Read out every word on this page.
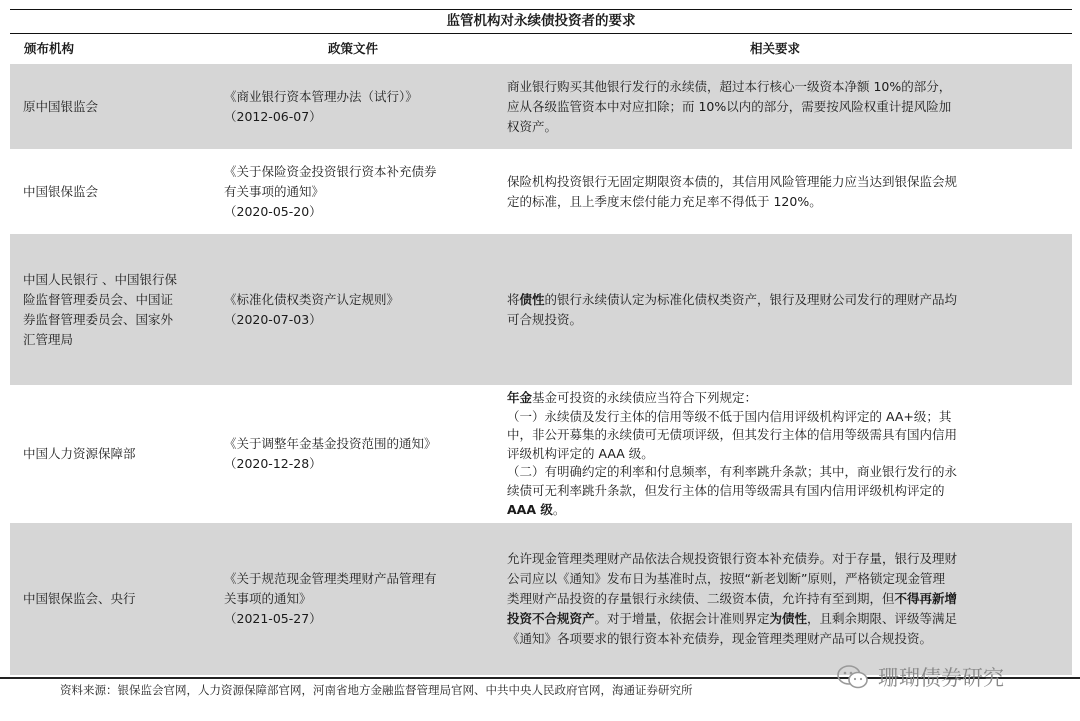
监管机构对永续债投资者的要求
颁布机构	政策文件	相关要求
原中国银监会
《商业银行资本管理办法（试行）》
（2012-06-07）
商业银行购买其他银行发行的永续债，超过本行核心一级资本净额 10%的部分，
应从各级监管资本中对应扣除；而 10%以内的部分，需要按风险权重计提风险加
权资产。
中国银保监会
《关于保险资金投资银行资本补充债券
有关事项的通知》
（2020-05-20）
保险机构投资银行无固定期限资本债的，其信用风险管理能力应当达到银保监会规
定的标准，且上季度末偿付能力充足率不得低于 120%。
中国人民银行 、中国银行保
险监督管理委员会、中国证
券监督管理委员会、国家外
汇管理局
《标准化债权类资产认定规则》
（2020-07-03）
将债性的银行永续债认定为标准化债权类资产，银行及理财公司发行的理财产品均
可合规投资。
中国人力资源保障部
《关于调整年金基金投资范围的通知》
（2020-12-28）
年金基金可投资的永续债应当符合下列规定：
（一）永续债及发行主体的信用等级不低于国内信用评级机构评定的 AA+级；其
中，非公开募集的永续债可无债项评级，但其发行主体的信用等级需具有国内信用
评级机构评定的 AAA 级。
（二）有明确约定的利率和付息频率，有利率跳升条款；其中，商业银行发行的永
续债可无利率跳升条款，但发行主体的信用等级需具有国内信用评级机构评定的
AAA 级。
中国银保监会、央行
《关于规范现金管理类理财产品管理有
关事项的通知》
（2021-05-27）
允许现金管理类理财产品依法合规投资银行资本补充债券。对于存量，银行及理财
公司应以《通知》发布日为基准时点，按照“新老划断”原则，严格锁定现金管理
类理财产品投资的存量银行永续债、二级资本债，允许持有至到期，但不得再新增
投资不合规资产。对于增量，依据会计准则界定为债性，且剩余期限、评级等满足
《通知》各项要求的银行资本补充债券，现金管理类理财产品可以合规投资。
珊瑚债券研究
资料来源：银保监会官网，人力资源保障部官网，河南省地方金融监督管理局官网、中共中央人民政府官网，海通证券研究所
